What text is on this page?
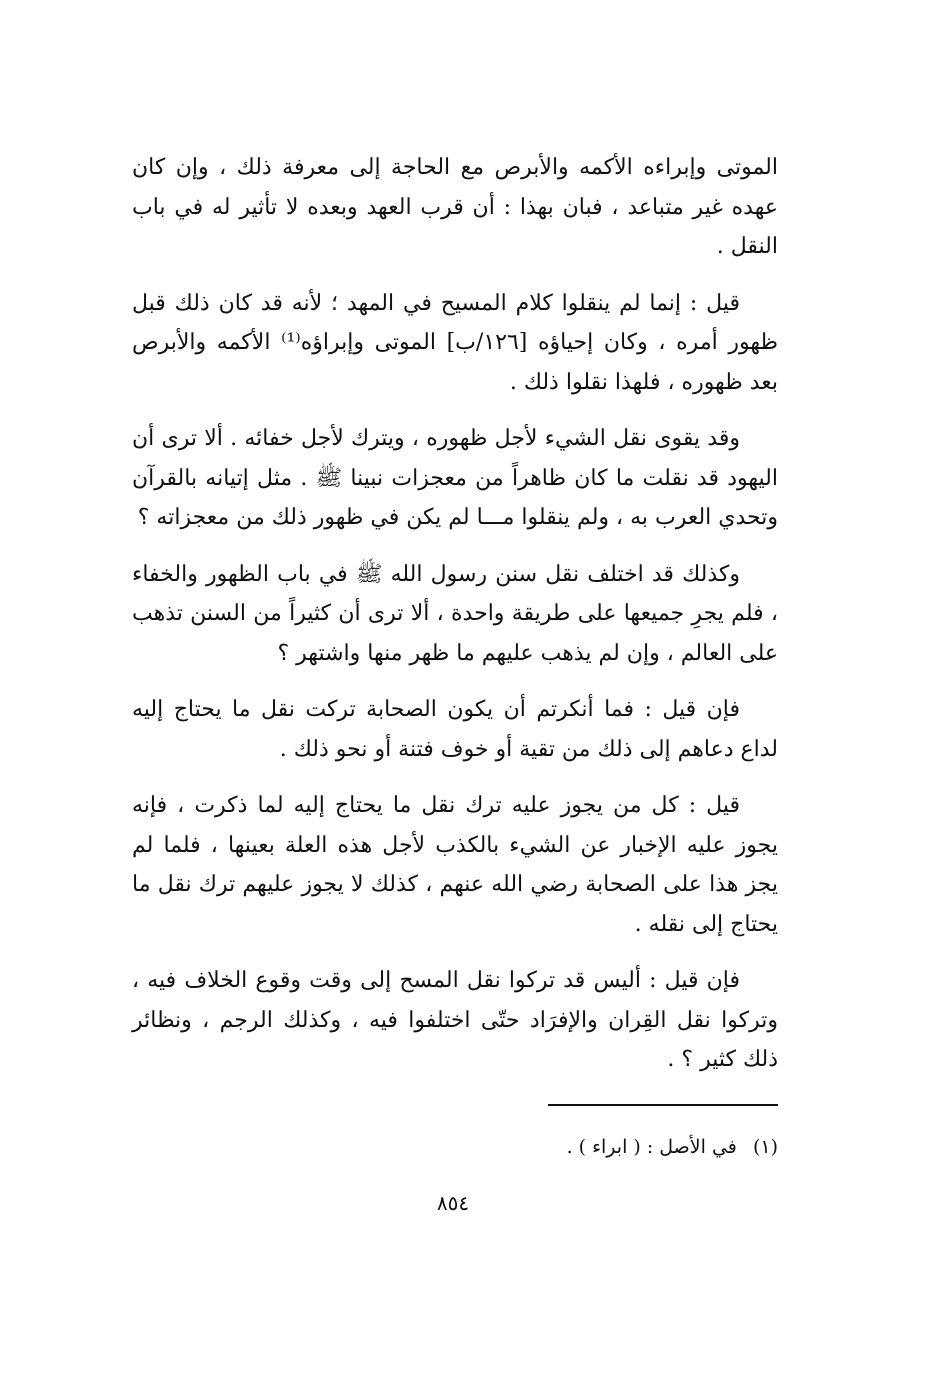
الموتى وإبراءه الأكمه والأبرص مع الحاجة إلى معرفة ذلك ، وإن كان عهده غير متباعد ، فبان بهذا : أن قرب العهد وبعده لا تأثير له في باب النقل .

قيل : إنما لم ينقلوا كلام المسيح في المهد ؛ لأنه قد كان ذلك قبل ظهور أمره ، وكان إحياؤه [١٢٦/ب] الموتى وإبراؤه⁽¹⁾ الأكمه والأبرص بعد ظهوره ، فلهذا نقلوا ذلك .

وقد يقوى نقل الشيء لأجل ظهوره ، ويترك لأجل خفائه . ألا ترى أن اليهود قد نقلت ما كان ظاهراً من معجزات نبينا ﷺ . مثل إتيانه بالقرآن وتحدي العرب به ، ولم ينقلوا مـــا لم يكن في ظهور ذلك من معجزاته ؟

وكذلك قد اختلف نقل سنن رسول الله ﷺ في باب الظهور والخفاء ، فلم يجرِ جميعها على طريقة واحدة ، ألا ترى أن كثيراً من السنن تذهب على العالم ، وإن لم يذهب عليهم ما ظهر منها واشتهر ؟

فإن قيل : فما أنكرتم أن يكون الصحابة تركت نقل ما يحتاج إليه لداع دعاهم إلى ذلك من تقية أو خوف فتنة أو نحو ذلك .

قيل : كل من يجوز عليه ترك نقل ما يحتاج إليه لما ذكرت ، فإنه يجوز عليه الإخبار عن الشيء بالكذب لأجل هذه العلة بعينها ، فلما لم يجز هذا على الصحابة رضي الله عنهم ، كذلك لا يجوز عليهم ترك نقل ما يحتاج إلى نقله .

فإن قيل : أليس قد تركوا نقل المسح إلى وقت وقوع الخلاف فيه ، وتركوا نقل القِران والإفرَاد حتّى اختلفوا فيه ، وكذلك الرجم ، ونظائر ذلك كثير ؟ .

(١) في الأصل : ( ابراء ) .
٨٥٤
